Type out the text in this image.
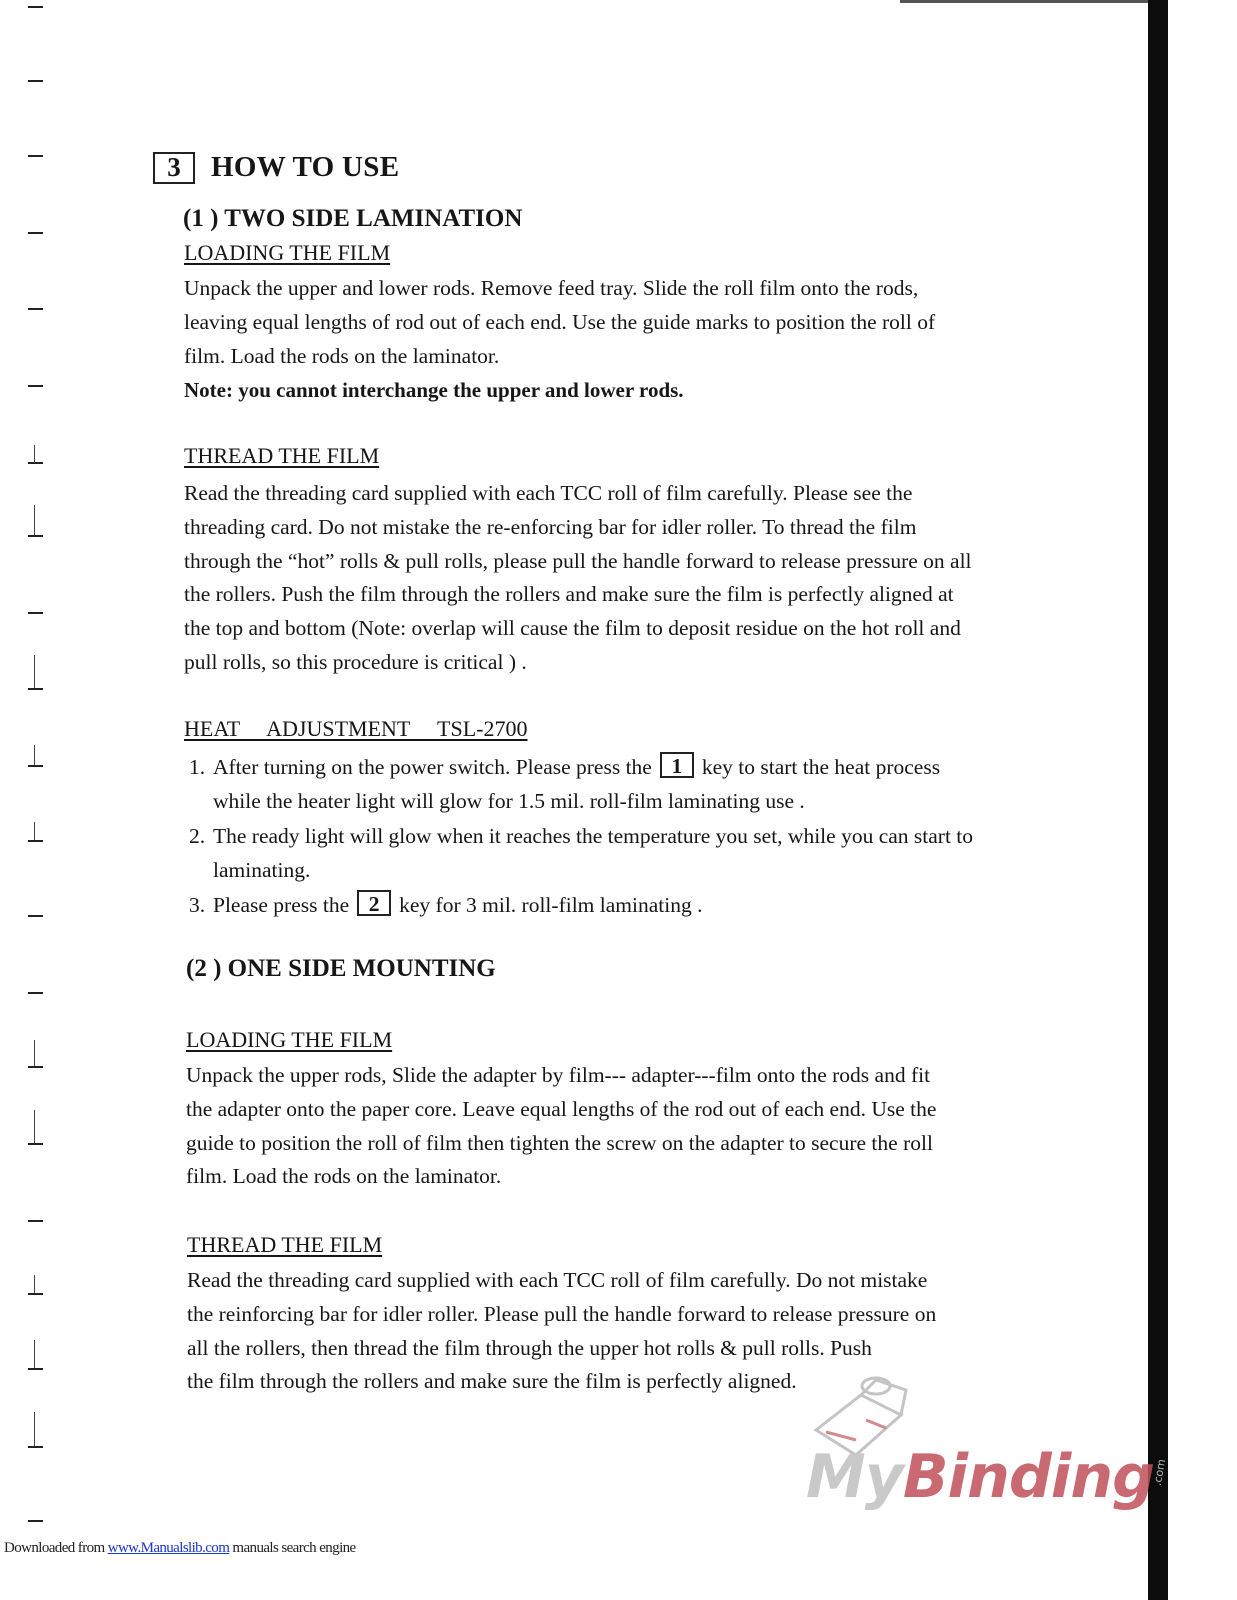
3	HOW TO USE
(1 ) TWO SIDE LAMINATION
LOADING THE FILM
Unpack the upper and lower rods. Remove feed tray. Slide the roll film onto the rods,
leaving equal lengths of rod out of each end. Use the guide marks to position the roll of
film. Load the rods on the laminator.
Note: you cannot interchange the upper and lower rods.
THREAD THE FILM
Read the threading card supplied with each TCC roll of film carefully. Please see the
threading card. Do not mistake the re-enforcing bar for idler roller. To thread the film
through the “hot” rolls & pull rolls, please pull the handle forward to release pressure on all
the rollers. Push the film through the rollers and make sure the film is perfectly aligned at
the top and bottom (Note: overlap will cause the film to deposit residue on the hot roll and
pull rolls, so this procedure is critical ) .
HEAT ADJUSTMENT TSL-2700
1. After turning on the power switch. Please press the 1 key to start the heat process
while the heater light will glow for 1.5 mil. roll-film laminating use .
2. The ready light will glow when it reaches the temperature you set, while you can start to
laminating.
3. Please press the 2 key for 3 mil. roll-film laminating .
(2 ) ONE SIDE MOUNTING
LOADING THE FILM
Unpack the upper rods, Slide the adapter by film--- adapter---film onto the rods and fit
the adapter onto the paper core. Leave equal lengths of the rod out of each end. Use the
guide to position the roll of film then tighten the screw on the adapter to secure the roll
film. Load the rods on the laminator.
THREAD THE FILM
Read the threading card supplied with each TCC roll of film carefully. Do not mistake
the reinforcing bar for idler roller. Please pull the handle forward to release pressure on
all the rollers, then thread the film through the upper hot rolls & pull rolls. Push
the film through the rollers and make sure the film is perfectly aligned.
MyBinding
.com
Downloaded from www.Manualslib.com manuals search engine
